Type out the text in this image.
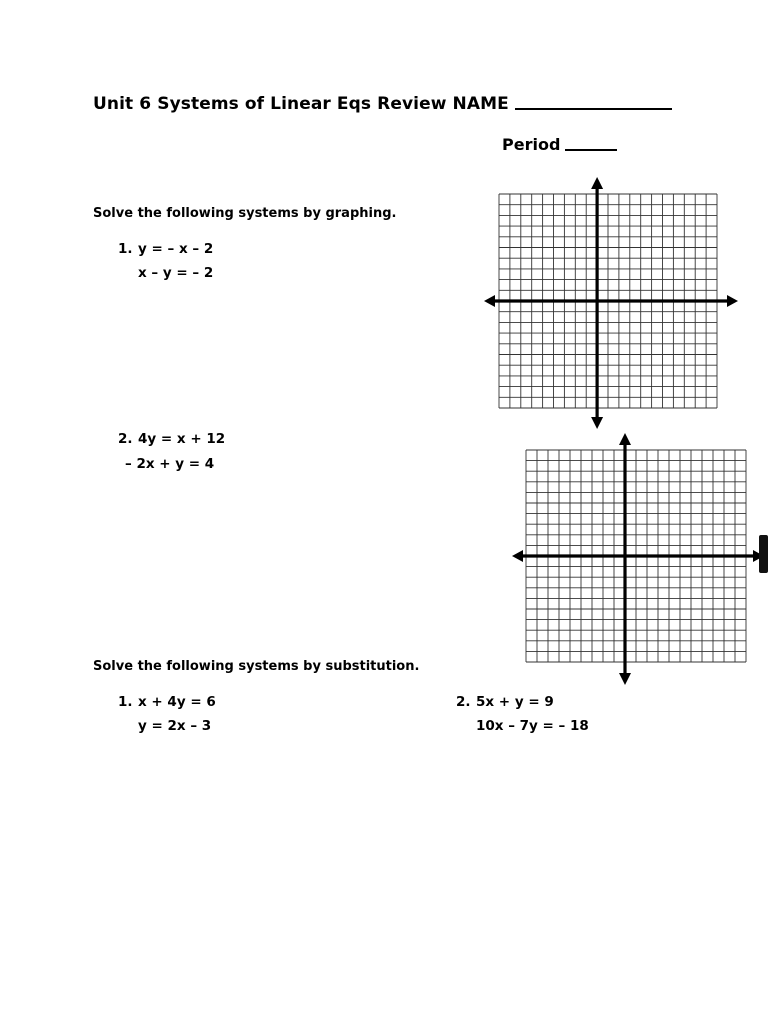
Unit 6 Systems of Linear Eqs Review NAME
Period
Solve the following systems by graphing.
1. y = – x – 2
x – y = – 2
2. 4y = x + 12
– 2x + y = 4
Solve the following systems by substitution.
1. x + 4y = 6
y = 2x – 3
2. 5x + y = 9
10x – 7y = – 18
